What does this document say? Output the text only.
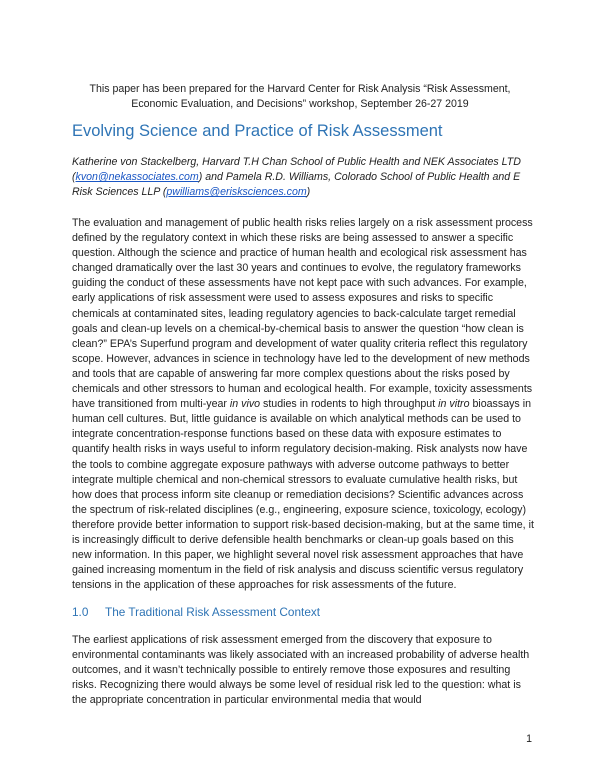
This paper has been prepared for the Harvard Center for Risk Analysis “Risk Assessment,
Economic Evaluation, and Decisions” workshop, September 26-27 2019
Evolving Science and Practice of Risk Assessment
Katherine von Stackelberg, Harvard T.H Chan School of Public Health and NEK Associates LTD (kvon@nekassociates.com) and Pamela R.D. Williams, Colorado School of Public Health and E Risk Sciences LLP (pwilliams@erisksciences.com)

The evaluation and management of public health risks relies largely on a risk assessment process defined by the regulatory context in which these risks are being assessed to answer a specific question. Although the science and practice of human health and ecological risk assessment has changed dramatically over the last 30 years and continues to evolve, the regulatory frameworks guiding the conduct of these assessments have not kept pace with such advances. For example, early applications of risk assessment were used to assess exposures and risks to specific chemicals at contaminated sites, leading regulatory agencies to back-calculate target remedial goals and clean-up levels on a chemical-by-chemical basis to answer the question “how clean is clean?” EPA’s Superfund program and development of water quality criteria reflect this regulatory scope. However, advances in science in technology have led to the development of new methods and tools that are capable of answering far more complex questions about the risks posed by chemicals and other stressors to human and ecological health. For example, toxicity assessments have transitioned from multi-year in vivo studies in rodents to high throughput in vitro bioassays in human cell cultures. But, little guidance is available on which analytical methods can be used to integrate concentration-response functions based on these data with exposure estimates to quantify health risks in ways useful to inform regulatory decision-making. Risk analysts now have the tools to combine aggregate exposure pathways with adverse outcome pathways to better integrate multiple chemical and non-chemical stressors to evaluate cumulative health risks, but how does that process inform site cleanup or remediation decisions? Scientific advances across the spectrum of risk-related disciplines (e.g., engineering, exposure science, toxicology, ecology) therefore provide better information to support risk-based decision-making, but at the same time, it is increasingly difficult to derive defensible health benchmarks or clean-up goals based on this new information. In this paper, we highlight several novel risk assessment approaches that have gained increasing momentum in the field of risk analysis and discuss scientific versus regulatory tensions in the application of these approaches for risk assessments of the future.

1.0 The Traditional Risk Assessment Context

The earliest applications of risk assessment emerged from the discovery that exposure to environmental contaminants was likely associated with an increased probability of adverse health outcomes, and it wasn’t technically possible to entirely remove those exposures and resulting risks. Recognizing there would always be some level of residual risk led to the question: what is the appropriate concentration in particular environmental media that would

1
